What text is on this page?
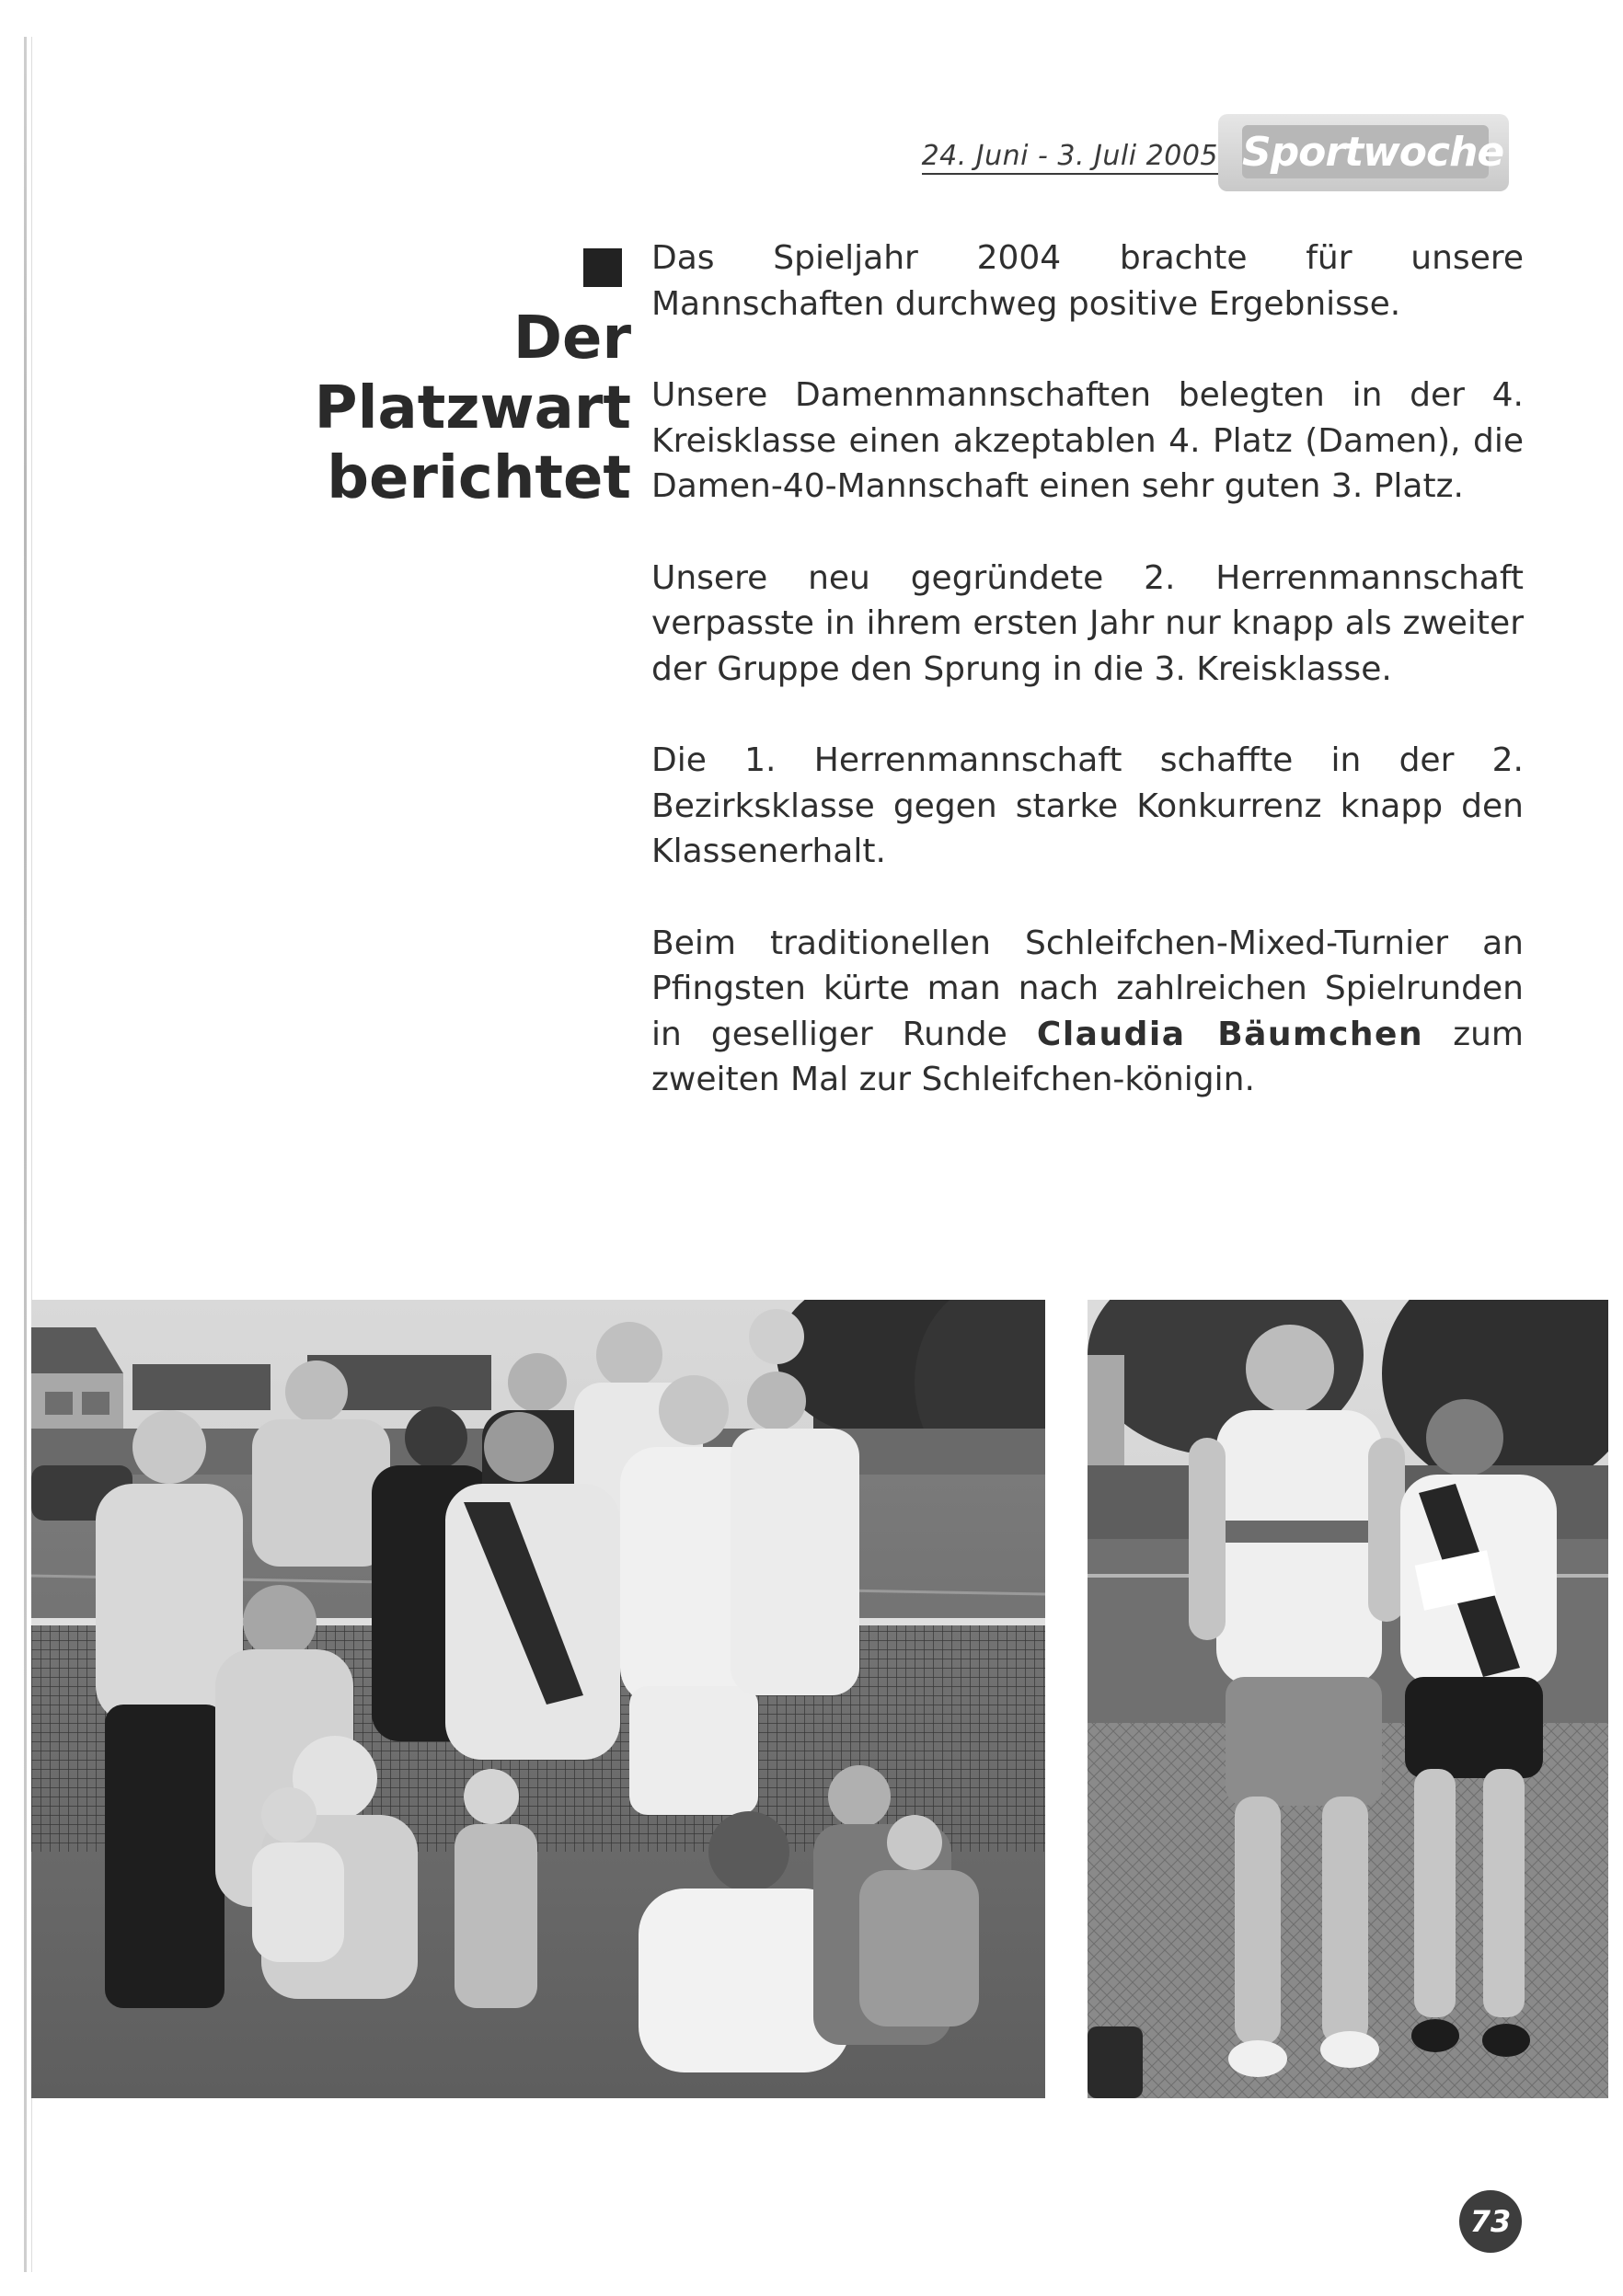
24. Juni - 3. Juli 2005 Sportwoche
Der
Platzwart
berichtet

Das Spieljahr 2004 brachte für unsere Mannschaften durchweg positive Ergebnisse.

Unsere Damenmannschaften belegten in der 4. Kreisklasse einen akzeptablen 4. Platz (Damen), die Damen-40-Mannschaft einen sehr guten 3. Platz.

Unsere neu gegründete 2. Herrenmannschaft verpasste in ihrem ersten Jahr nur knapp als zweiter der Gruppe den Sprung in die 3. Kreisklasse.

Die 1. Herrenmannschaft schaffte in der 2. Bezirksklasse gegen starke Konkurrenz knapp den Klassenerhalt.

Beim traditionellen Schleifchen-Mixed-Turnier an Pfingsten kürte man nach zahlreichen Spielrunden in geselliger Runde Claudia Bäumchen zum zweiten Mal zur Schleifchen-königin.

73
